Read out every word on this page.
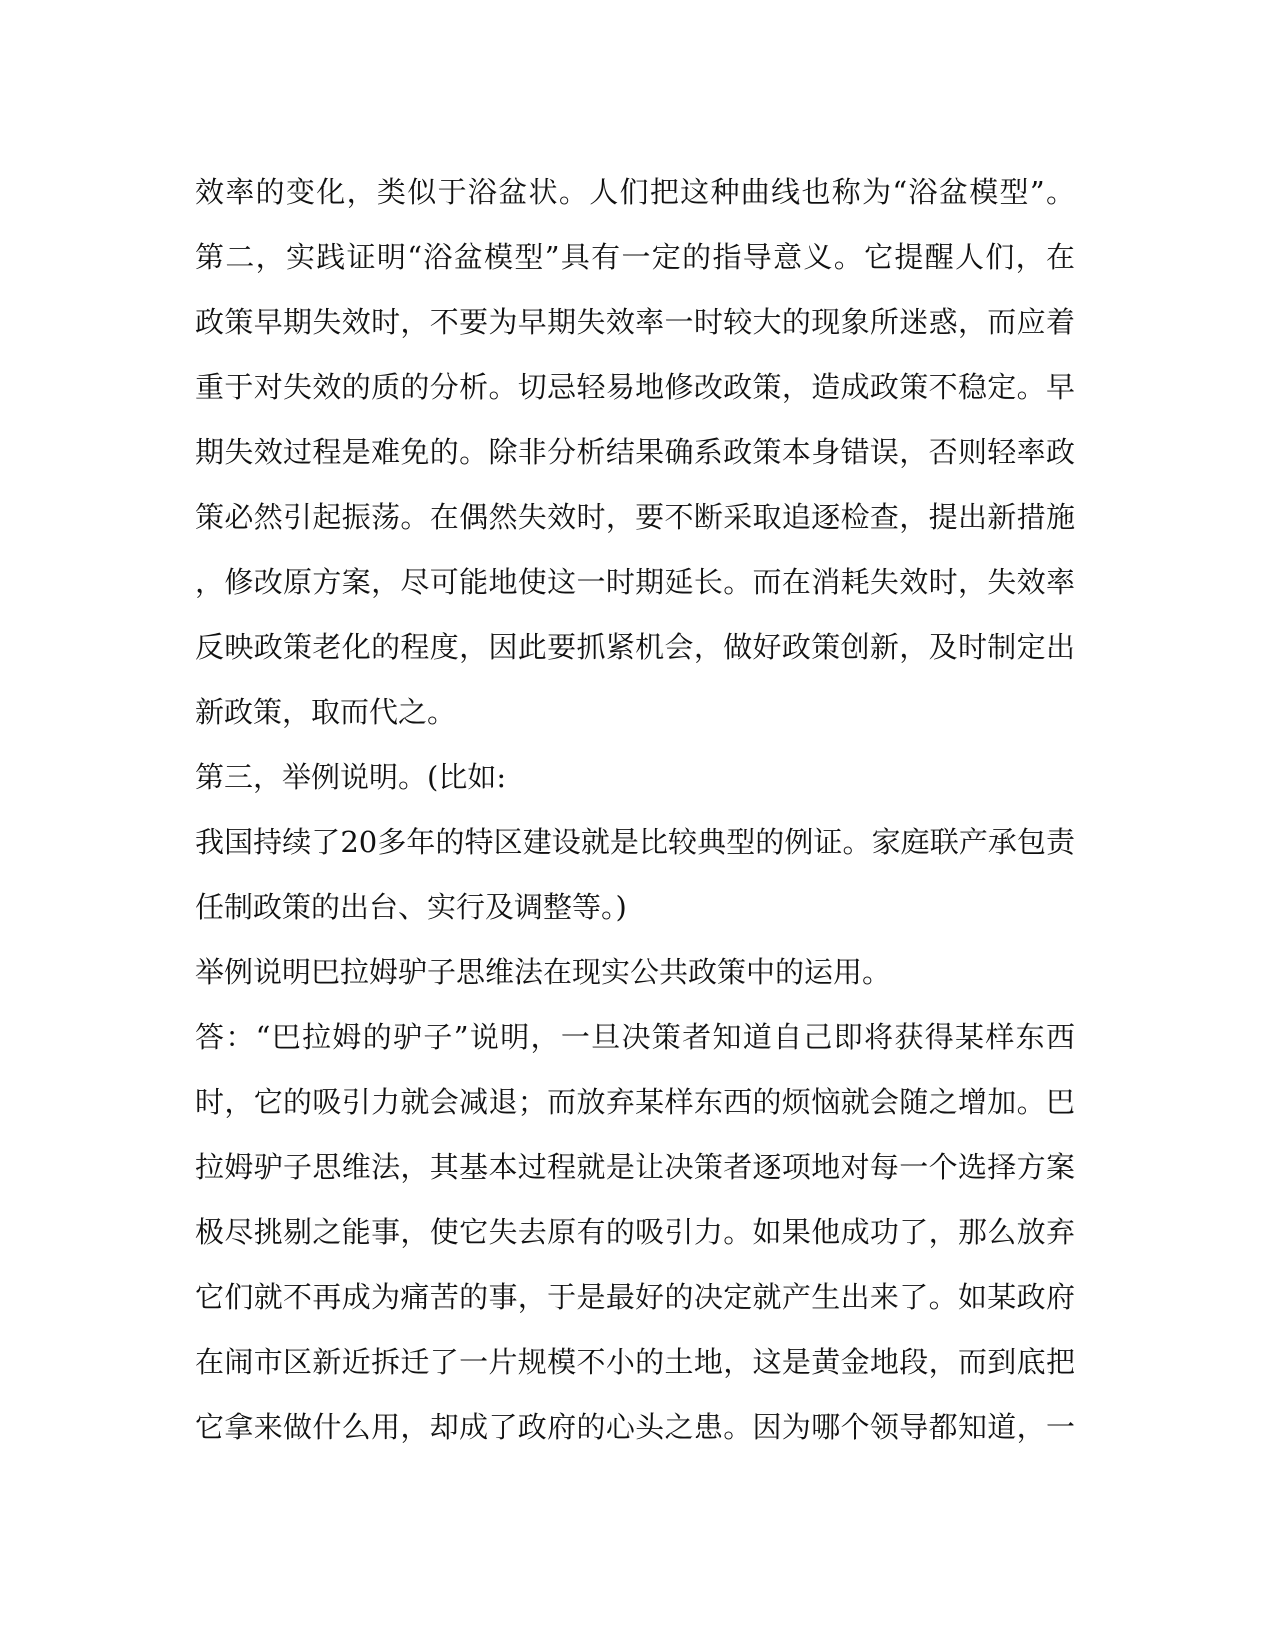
效率的变化，类似于浴盆状。人们把这种曲线也称为“浴盆模型”。
第二，实践证明“浴盆模型”具有一定的指导意义。它提醒人们，在
政策早期失效时，不要为早期失效率一时较大的现象所迷惑，而应着
重于对失效的质的分析。切忌轻易地修改政策，造成政策不稳定。早
期失效过程是难免的。除非分析结果确系政策本身错误，否则轻率政
策必然引起振荡。在偶然失效时，要不断采取追逐检查，提出新措施
，修改原方案，尽可能地使这一时期延长。而在消耗失效时，失效率
反映政策老化的程度，因此要抓紧机会，做好政策创新，及时制定出
新政策，取而代之。
第三，举例说明。(比如:
我国持续了20多年的特区建设就是比较典型的例证。家庭联产承包责
任制政策的出台、实行及调整等。)
举例说明巴拉姆驴子思维法在现实公共政策中的运用。
答：“巴拉姆的驴子”说明，一旦决策者知道自己即将获得某样东西
时，它的吸引力就会减退；而放弃某样东西的烦恼就会随之增加。巴
拉姆驴子思维法，其基本过程就是让决策者逐项地对每一个选择方案
极尽挑剔之能事，使它失去原有的吸引力。如果他成功了，那么放弃
它们就不再成为痛苦的事，于是最好的决定就产生出来了。如某政府
在闹市区新近拆迁了一片规模不小的土地，这是黄金地段，而到底把
它拿来做什么用，却成了政府的心头之患。因为哪个领导都知道，一
